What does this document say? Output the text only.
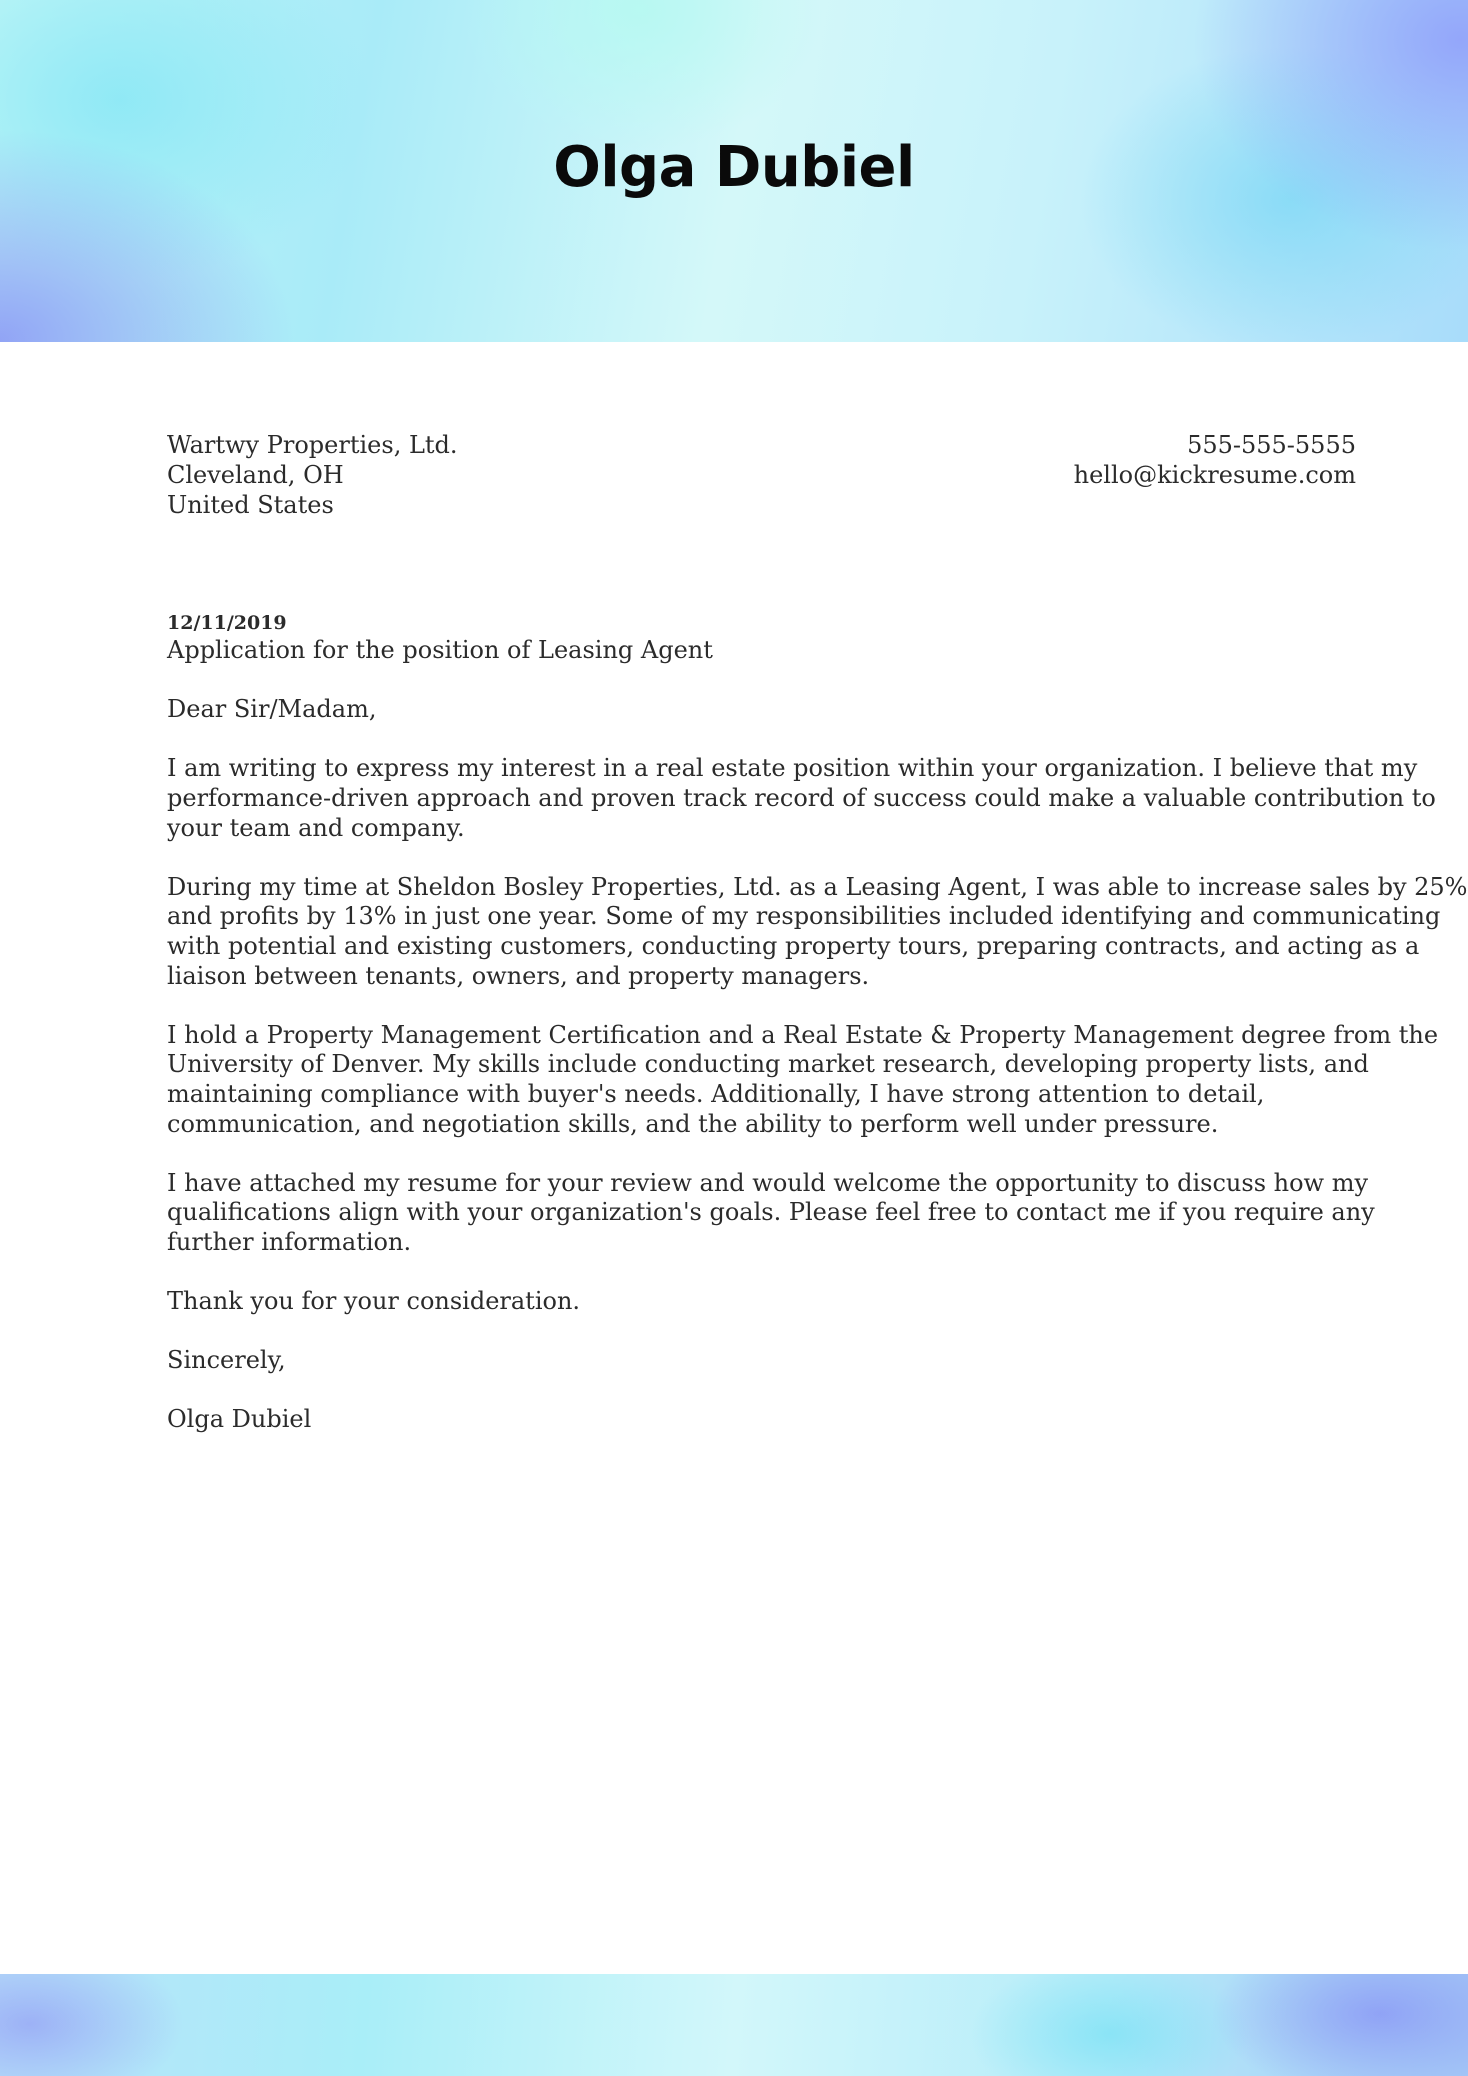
Olga Dubiel
Wartwy Properties, Ltd.
Cleveland, OH
United States
555-555-5555
hello@kickresume.com
12/11/2019
Application for the position of Leasing Agent
Dear Sir/Madam,
I am writing to express my interest in a real estate position within your organization. I believe that my
performance-driven approach and proven track record of success could make a valuable contribution to
your team and company.
During my time at Sheldon Bosley Properties, Ltd. as a Leasing Agent, I was able to increase sales by 25%
and profits by 13% in just one year. Some of my responsibilities included identifying and communicating
with potential and existing customers, conducting property tours, preparing contracts, and acting as a
liaison between tenants, owners, and property managers.
I hold a Property Management Certification and a Real Estate & Property Management degree from the
University of Denver. My skills include conducting market research, developing property lists, and
maintaining compliance with buyer's needs. Additionally, I have strong attention to detail,
communication, and negotiation skills, and the ability to perform well under pressure.
I have attached my resume for your review and would welcome the opportunity to discuss how my
qualifications align with your organization's goals. Please feel free to contact me if you require any
further information.
Thank you for your consideration.
Sincerely,
Olga Dubiel
